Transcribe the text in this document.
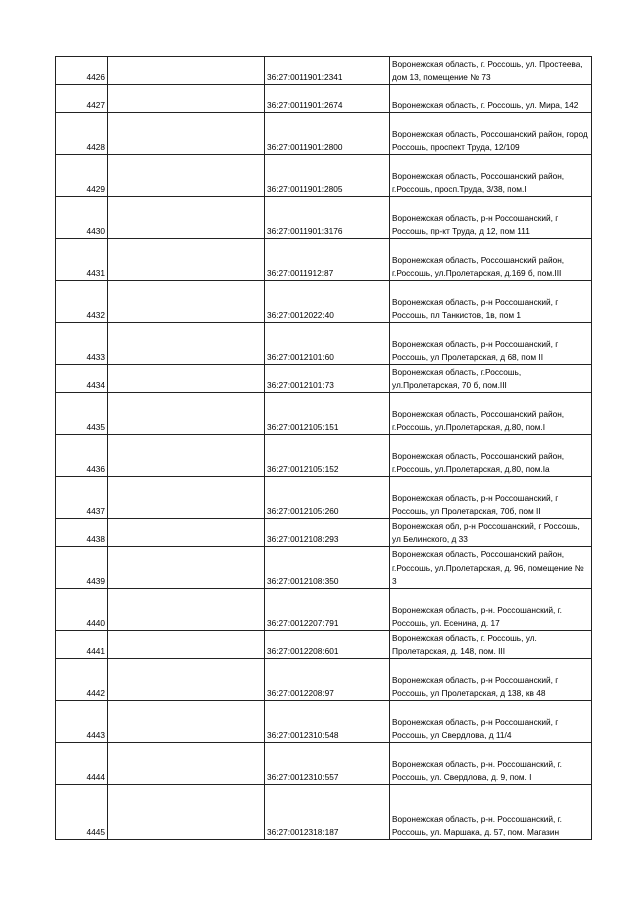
4426		36:27:0011901:2341	Воронежская область, г. Россошь, ул. Простеева, дом 13, помещение № 73
4427		36:27:0011901:2674	Воронежская область, г. Россошь, ул. Мира, 142
4428		36:27:0011901:2800	Воронежская область, Россошанский район, город Россошь, проспект Труда, 12/109
4429		36:27:0011901:2805	Воронежская область, Россошанский район, г.Россошь, просп.Труда, 3/38, пом.I
4430		36:27:0011901:3176	Воронежская область, р-н Россошанский, г Россошь, пр-кт Труда, д 12, пом 111
4431		36:27:0011912:87	Воронежская область, Россошанский район, г.Россошь, ул.Пролетарская, д.169 б, пом.III
4432		36:27:0012022:40	Воронежская область, р-н Россошанский, г Россошь, пл Танкистов, 1в, пом 1
4433		36:27:0012101:60	Воронежская область, р-н Россошанский, г Россошь, ул Пролетарская, д 68, пом II
4434		36:27:0012101:73	Воронежская область, г.Россошь, ул.Пролетарская, 70 б, пом.III
4435		36:27:0012105:151	Воронежская область, Россошанский район, г.Россошь, ул.Пролетарская, д.80, пом.I
4436		36:27:0012105:152	Воронежская область, Россошанский район, г.Россошь, ул.Пролетарская, д.80, пом.Ia
4437		36:27:0012105:260	Воронежская область, р-н Россошанский, г Россошь, ул Пролетарская, 70б, пом II
4438		36:27:0012108:293	Воронежская обл, р-н Россошанский, г Россошь, ул Белинского, д 33
4439		36:27:0012108:350	Воронежская область, Россошанский район, г.Россошь, ул.Пролетарская, д. 96, помещение № 3
4440		36:27:0012207:791	Воронежская область, р-н. Россошанский, г. Россошь, ул. Есенина, д. 17
4441		36:27:0012208:601	Воронежская область, г. Россошь, ул. Пролетарская, д. 148, пом. III
4442		36:27:0012208:97	Воронежская область, р-н Россошанский, г Россошь, ул Пролетарская, д 138, кв 48
4443		36:27:0012310:548	Воронежская область, р-н Россошанский, г Россошь, ул Свердлова, д 11/4
4444		36:27:0012310:557	Воронежская область, р-н. Россошанский, г. Россошь, ул. Свердлова, д. 9, пом. I
4445		36:27:0012318:187	Воронежская область, р-н. Россошанский, г. Россошь, ул. Маршака, д. 57, пом. Магазин
